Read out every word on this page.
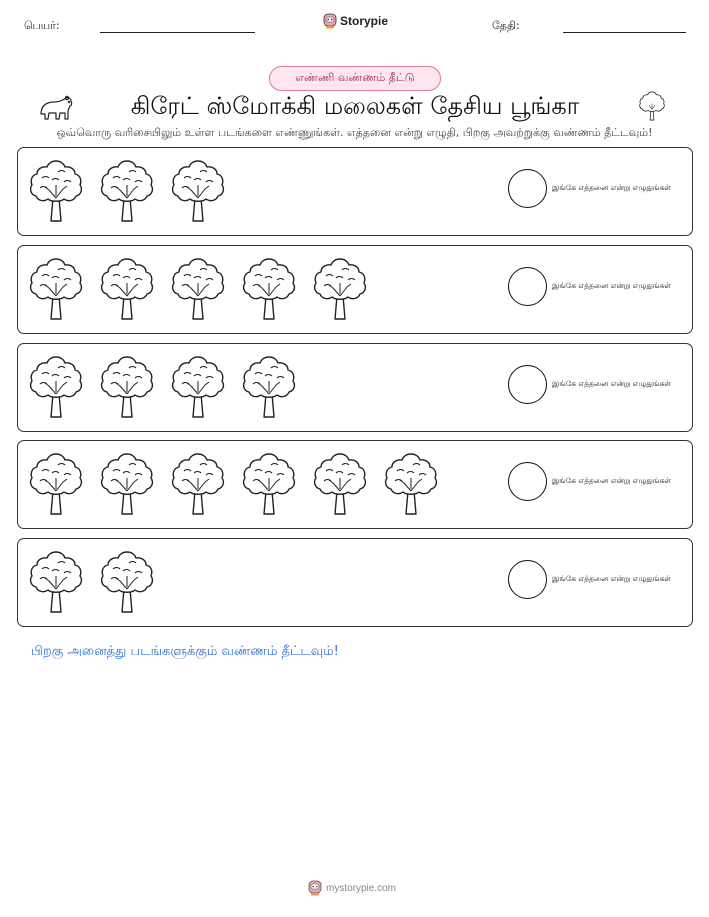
பெயர்:	Storypie	தேதி:
எண்ணி வண்ணம் தீட்டு
கிரேட் ஸ்மோக்கி மலைகள் தேசிய பூங்கா
ஒவ்வொரு வரிசையிலும் உள்ள படங்களை எண்ணுங்கள். எத்தனை என்று எழுதி, பிறகு அவற்றுக்கு வண்ணம் தீட்டவும்!
இங்கே எத்தனை என்று எழுதுங்கள்
இங்கே எத்தனை என்று எழுதுங்கள்
இங்கே எத்தனை என்று எழுதுங்கள்
இங்கே எத்தனை என்று எழுதுங்கள்
இங்கே எத்தனை என்று எழுதுங்கள்
பிறகு அனைத்து படங்களுக்கும் வண்ணம் தீட்டவும்!
mystorypie.com
